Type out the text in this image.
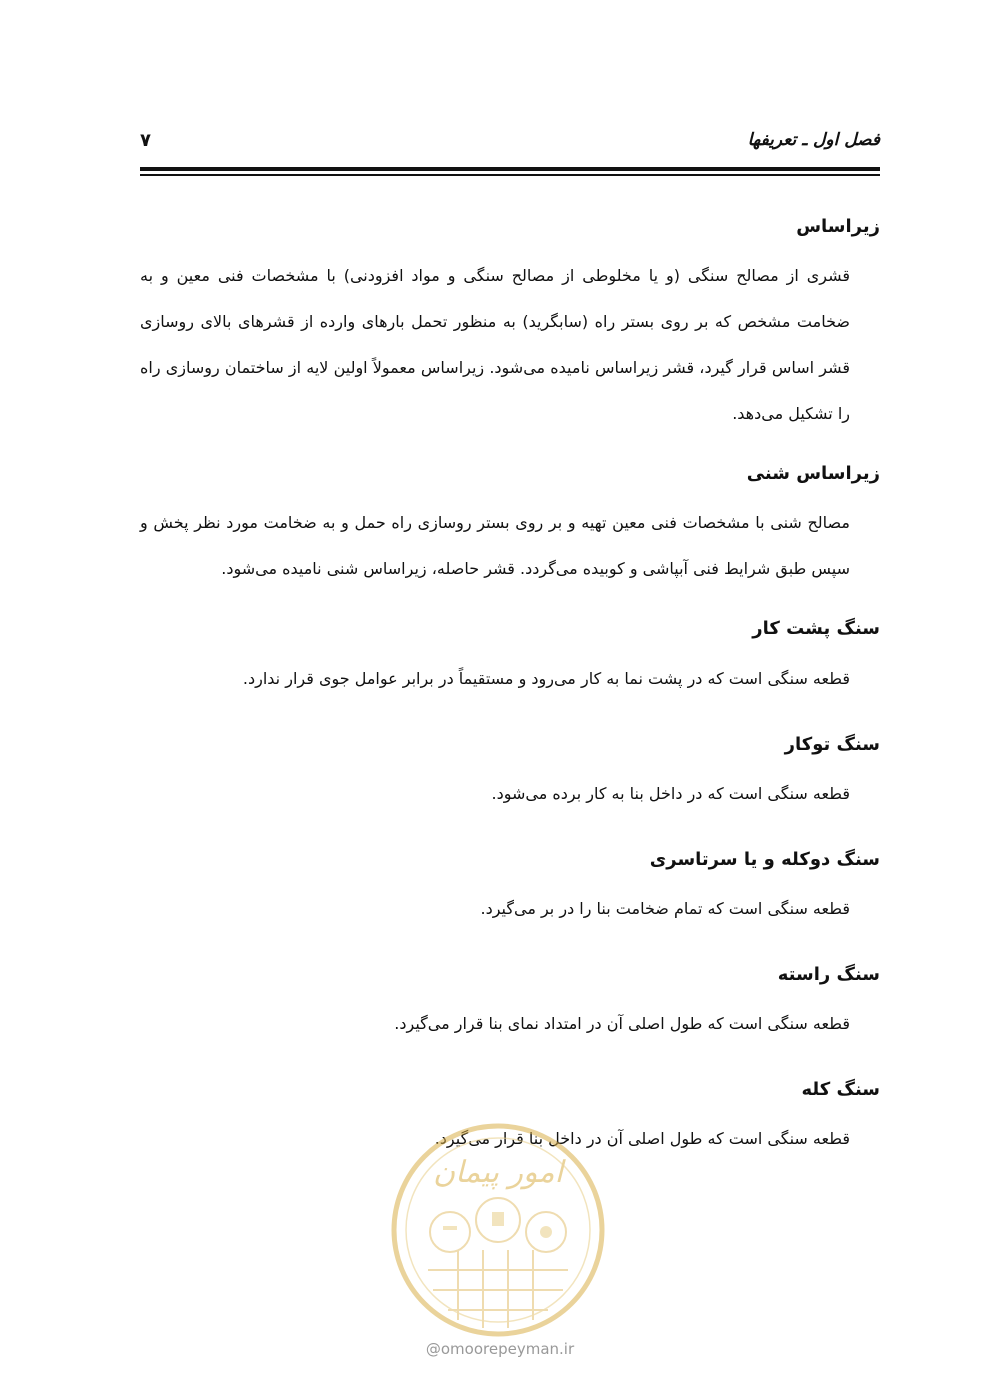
فصل اول ـ تعریفها
۷
زیراساس
قشری از مصالح سنگی (و یا مخلوطی از مصالح سنگی و مواد افزودنی) با مشخصات فنی معین و به ضخامت مشخص که بر روی بستر راه (سابگرید) به منظور تحمل بارهای وارده از قشرهای بالای روسازی قشر اساس قرار گیرد، قشر زیراساس نامیده می‌شود. زیراساس معمولاً اولین لایه از ساختمان روسازی راه را تشکیل می‌دهد.
زیراساس شنی
مصالح شنی با مشخصات فنی معین تهیه و بر روی بستر روسازی راه حمل و به ضخامت مورد نظر پخش و سپس طبق شرایط فنی آبپاشی و کوبیده می‌گردد. قشر حاصله، زیراساس شنی نامیده می‌شود.
سنگ پشت کار
قطعه سنگی است که در پشت نما به کار می‌رود و مستقیماً در برابر عوامل جوی قرار ندارد.
سنگ توکار
قطعه سنگی است که در داخل بنا به کار برده می‌شود.
سنگ دوکله و یا سرتاسری
قطعه سنگی است که تمام ضخامت بنا را در بر می‌گیرد.
سنگ راسته
قطعه سنگی است که طول اصلی آن در امتداد نمای بنا قرار می‌گیرد.
سنگ کله
قطعه سنگی است که طول اصلی آن در داخل بنا قرار می‌گیرد.
امور پیمان
@omoorepeyman.ir
